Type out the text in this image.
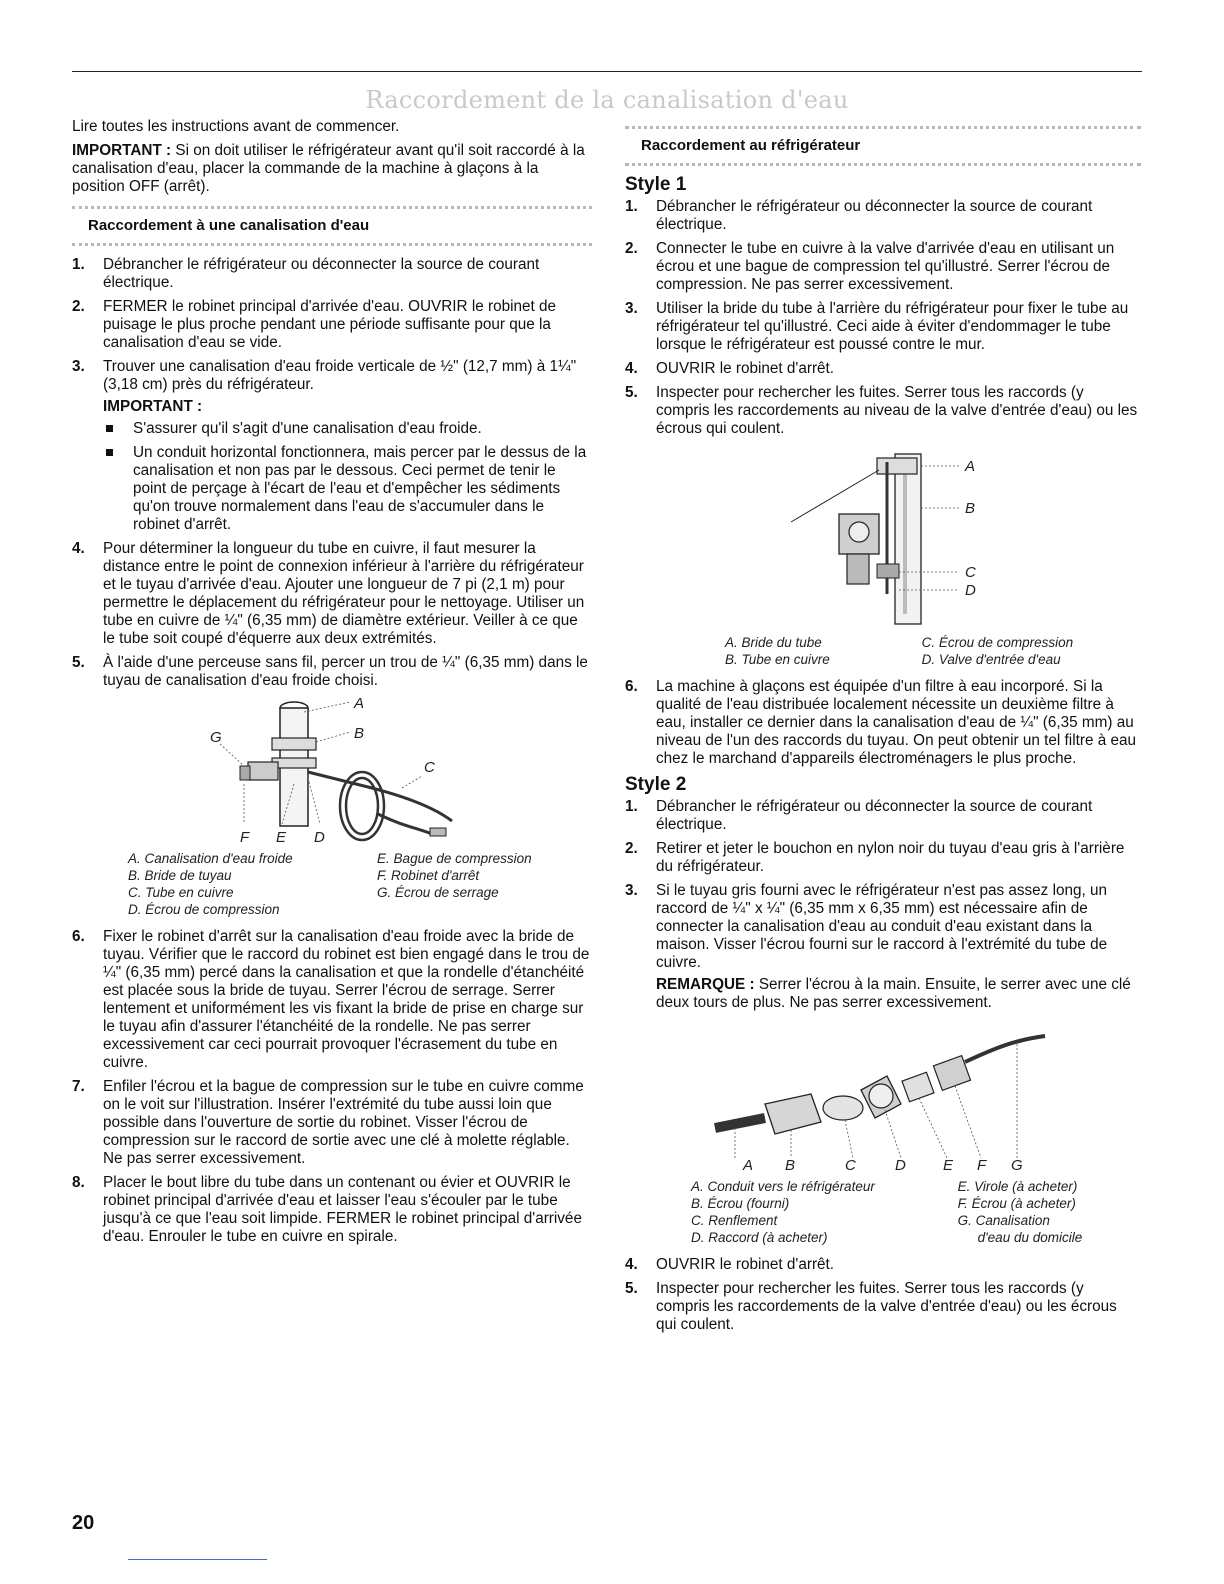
Raccordement de la canalisation d'eau

Lire toutes les instructions avant de commencer.

IMPORTANT : Si on doit utiliser le réfrigérateur avant qu'il soit raccordé à la canalisation d'eau, placer la commande de la machine à glaçons à la position OFF (arrêt).

Raccordement à une canalisation d'eau
1. Débrancher le réfrigérateur ou déconnecter la source de courant électrique.
2. FERMER le robinet principal d'arrivée d'eau. OUVRIR le robinet de puisage le plus proche pendant une période suffisante pour que la canalisation d'eau se vide.
3. Trouver une canalisation d'eau froide verticale de ½" (12,7 mm) à 1¼" (3,18 cm) près du réfrigérateur.
IMPORTANT :
S'assurer qu'il s'agit d'une canalisation d'eau froide.
Un conduit horizontal fonctionnera, mais percer par le dessus de la canalisation et non pas par le dessous. Ceci permet de tenir le point de perçage à l'écart de l'eau et d'empêcher les sédiments qu'on trouve normalement dans l'eau de s'accumuler dans le robinet d'arrêt.
4. Pour déterminer la longueur du tube en cuivre, il faut mesurer la distance entre le point de connexion inférieur à l'arrière du réfrigérateur et le tuyau d'arrivée d'eau. Ajouter une longueur de 7 pi (2,1 m) pour permettre le déplacement du réfrigérateur pour le nettoyage. Utiliser un tube en cuivre de ¼" (6,35 mm) de diamètre extérieur. Veiller à ce que le tube soit coupé d'équerre aux deux extrémités.
5. À l'aide d'une perceuse sans fil, percer un trou de ¼" (6,35 mm) dans le tuyau de canalisation d'eau froide choisi.
A
B
C
G
F E D
A. Canalisation d'eau froide	E. Bague de compression
B. Bride de tuyau	F. Robinet d'arrêt
C. Tube en cuivre	G. Écrou de serrage
D. Écrou de compression
6. Fixer le robinet d'arrêt sur la canalisation d'eau froide avec la bride de tuyau. Vérifier que le raccord du robinet est bien engagé dans le trou de ¼" (6,35 mm) percé dans la canalisation et que la rondelle d'étanchéité est placée sous la bride de tuyau. Serrer l'écrou de serrage. Serrer lentement et uniformément les vis fixant la bride de prise en charge sur le tuyau afin d'assurer l'étanchéité de la rondelle. Ne pas serrer excessivement car ceci pourrait provoquer l'écrasement du tube en cuivre.
7. Enfiler l'écrou et la bague de compression sur le tube en cuivre comme on le voit sur l'illustration. Insérer l'extrémité du tube aussi loin que possible dans l'ouverture de sortie du robinet. Visser l'écrou de compression sur le raccord de sortie avec une clé à molette réglable. Ne pas serrer excessivement.
8. Placer le bout libre du tube dans un contenant ou évier et OUVRIR le robinet principal d'arrivée d'eau et laisser l'eau s'écouler par le tube jusqu'à ce que l'eau soit limpide. FERMER le robinet principal d'arrivée d'eau. Enrouler le tube en cuivre en spirale.
Raccordement au réfrigérateur
Style 1
1. Débrancher le réfrigérateur ou déconnecter la source de courant électrique.
2. Connecter le tube en cuivre à la valve d'arrivée d'eau en utilisant un écrou et une bague de compression tel qu'illustré. Serrer l'écrou de compression. Ne pas serrer excessivement.
3. Utiliser la bride du tube à l'arrière du réfrigérateur pour fixer le tube au réfrigérateur tel qu'illustré. Ceci aide à éviter d'endommager le tube lorsque le réfrigérateur est poussé contre le mur.
4. OUVRIR le robinet d'arrêt.
5. Inspecter pour rechercher les fuites. Serrer tous les raccords (y compris les raccordements au niveau de la valve d'entrée d'eau) ou les écrous qui coulent.
A
B
C
D
A. Bride du tube	C. Écrou de compression
B. Tube en cuivre	D. Valve d'entrée d'eau
6. La machine à glaçons est équipée d'un filtre à eau incorporé. Si la qualité de l'eau distribuée localement nécessite un deuxième filtre à eau, installer ce dernier dans la canalisation d'eau de ¼" (6,35 mm) au niveau de l'un des raccords du tuyau. On peut obtenir un tel filtre à eau chez le marchand d'appareils électroménagers le plus proche.
Style 2
1. Débrancher le réfrigérateur ou déconnecter la source de courant électrique.
2. Retirer et jeter le bouchon en nylon noir du tuyau d'eau gris à l'arrière du réfrigérateur.
3. Si le tuyau gris fourni avec le réfrigérateur n'est pas assez long, un raccord de ¼" x ¼" (6,35 mm x 6,35 mm) est nécessaire afin de connecter la canalisation d'eau au conduit d'eau existant dans la maison. Visser l'écrou fourni sur le raccord à l'extrémité du tube de cuivre.

REMARQUE : Serrer l'écrou à la main. Ensuite, le serrer avec une clé deux tours de plus. Ne pas serrer excessivement.

A B	C	D E F G
A. Conduit vers le réfrigérateur	E. Virole (à acheter)
B. Écrou (fourni)	F. Écrou (à acheter)
C. Renflement	G. Canalisation
D. Raccord (à acheter)	d'eau du domicile
4. OUVRIR le robinet d'arrêt.
5. Inspecter pour rechercher les fuites. Serrer tous les raccords (y compris les raccordements de la valve d'entrée d'eau) ou les écrous qui coulent.
20
